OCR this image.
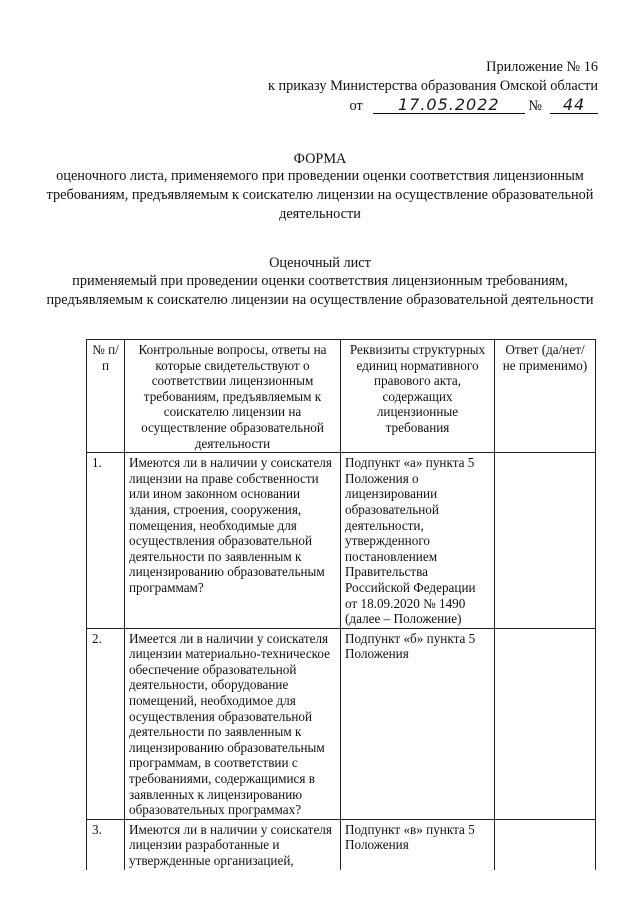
Приложение № 16
к приказу Министерства образования Омской области
от 17.05.2022 № 44
ФОРМА
оценочного листа, применяемого при проведении оценки соответствия лицензионным требованиям, предъявляемым к соискателю лицензии на осуществление образовательной деятельности
Оценочный лист
применяемый при проведении оценки соответствия лицензионным требованиям, предъявляемым к соискателю лицензии на осуществление образовательной деятельности
№ п/п	Контрольные вопросы, ответы на которые свидетельствуют о соответствии лицензионным требованиям, предъявляемым к соискателю лицензии на осуществление образовательной деятельности	Реквизиты структурных единиц нормативного правового акта, содержащих лицензионные требования	Ответ (да/нет/не применимо)
1.	Имеются ли в наличии у соискателя лицензии на праве собственности или ином законном основании здания, строения, сооружения, помещения, необходимые для осуществления образовательной деятельности по заявленным к лицензированию образовательным программам?	Подпункт «а» пункта 5 Положения о лицензировании образовательной деятельности, утвержденного постановлением Правительства Российской Федерации от 18.09.2020 № 1490 (далее – Положение)	
2.	Имеется ли в наличии у соискателя лицензии материально-техническое обеспечение образовательной деятельности, оборудование помещений, необходимое для осуществления образовательной деятельности по заявленным к лицензированию образовательным программам, в соответствии с требованиями, содержащимися в заявленных к лицензированию образовательных программах?	Подпункт «б» пункта 5 Положения	
3.	Имеются ли в наличии у соискателя лицензии разработанные и утвержденные организацией,	Подпункт «в» пункта 5 Положения	
